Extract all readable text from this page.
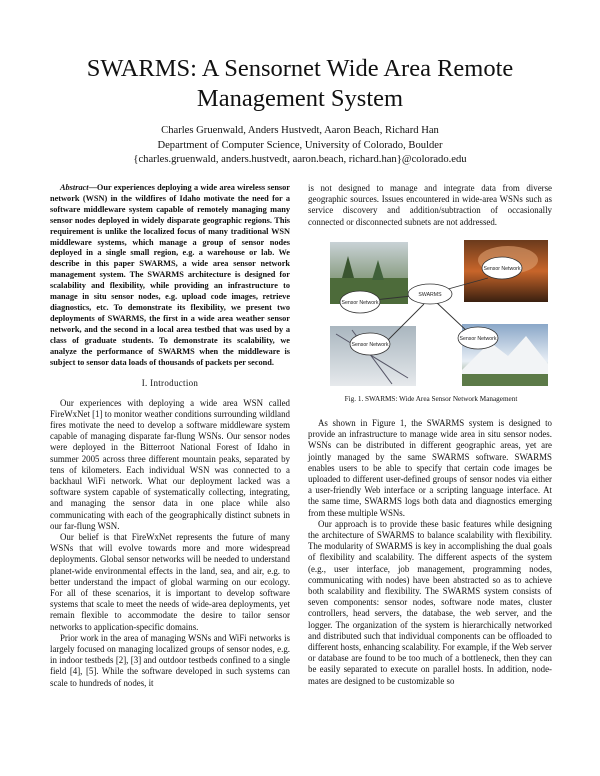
SWARMS: A Sensornet Wide Area Remote Management System
Charles Gruenwald, Anders Hustvedt, Aaron Beach, Richard Han
Department of Computer Science, University of Colorado, Boulder
{charles.gruenwald, anders.hustvedt, aaron.beach, richard.han}@colorado.edu

Abstract—Our experiences deploying a wide area wireless sensor network (WSN) in the wildfires of Idaho motivate the need for a software middleware system capable of remotely managing many sensor nodes deployed in widely disparate geographic regions. This requirement is unlike the localized focus of many traditional WSN middleware systems, which manage a group of sensor nodes deployed in a single small region, e.g. a warehouse or lab. We describe in this paper SWARMS, a wide area sensor network management system. The SWARMS architecture is designed for scalability and flexibility, while providing an infrastructure to manage in situ sensor nodes, e.g. upload code images, retrieve diagnostics, etc. To demonstrate its flexibility, we present two deployments of SWARMS, the first in a wide area weather sensor network, and the second in a local area testbed that was used by a class of graduate students. To demonstrate its scalability, we analyze the performance of SWARMS when the middleware is subject to sensor data loads of thousands of packets per second.

I. Introduction

Our experiences with deploying a wide area WSN called FireWxNet [1] to monitor weather conditions surrounding wildland fires motivate the need to develop a software middleware system capable of managing disparate far-flung WSNs. Our sensor nodes were deployed in the Bitterroot National Forest of Idaho in summer 2005 across three different mountain peaks, separated by tens of kilometers. Each individual WSN was connected to a backhaul WiFi network. What our deployment lacked was a software system capable of systematically collecting, integrating, and managing the sensor data in one place while also communicating with each of the geographically distinct subnets in our far-flung WSN.

Our belief is that FireWxNet represents the future of many WSNs that will evolve towards more and more widespread deployments. Global sensor networks will be needed to understand planet-wide environmental effects in the land, sea, and air, e.g. to better understand the impact of global warming on our ecology. For all of these scenarios, it is important to develop software systems that scale to meet the needs of wide-area deployments, yet remain flexible to accommodate the desire to tailor sensor networks to application-specific domains.

Prior work in the area of managing WSNs and WiFi networks is largely focused on managing localized groups of sensor nodes, e.g. in indoor testbeds [2], [3] and outdoor testbeds confined to a single field [4], [5]. While the software developed in such systems can scale to hundreds of nodes, it

is not designed to manage and integrate data from diverse geographic sources. Issues encountered in wide-area WSNs such as service discovery and addition/subtraction of occasionally connected or disconnected subnets are not addressed.

SWARMS
Sensor Network
Sensor Network
Sensor Network
Sensor Network
Fig. 1. SWARMS: Wide Area Sensor Network Management

As shown in Figure 1, the SWARMS system is designed to provide an infrastructure to manage wide area in situ sensor nodes. WSNs can be distributed in different geographic areas, yet are jointly managed by the same SWARMS software. SWARMS enables users to be able to specify that certain code images be uploaded to different user-defined groups of sensor nodes via either a user-friendly Web interface or a scripting language interface. At the same time, SWARMS logs both data and diagnostics emerging from these multiple WSNs.

Our approach is to provide these basic features while designing the architecture of SWARMS to balance scalability with flexibility. The modularity of SWARMS is key in accomplishing the dual goals of flexibility and scalability. The different aspects of the system (e.g., user interface, job management, programming nodes, communicating with nodes) have been abstracted so as to achieve both scalability and flexibility. The SWARMS system consists of seven components: sensor nodes, software node mates, cluster controllers, head servers, the database, the web server, and the logger. The organization of the system is hierarchically networked and distributed such that individual components can be offloaded to different hosts, enhancing scalability. For example, if the Web server or database are found to be too much of a bottleneck, then they can be easily separated to execute on parallel hosts. In addition, node-mates are designed to be customizable so
